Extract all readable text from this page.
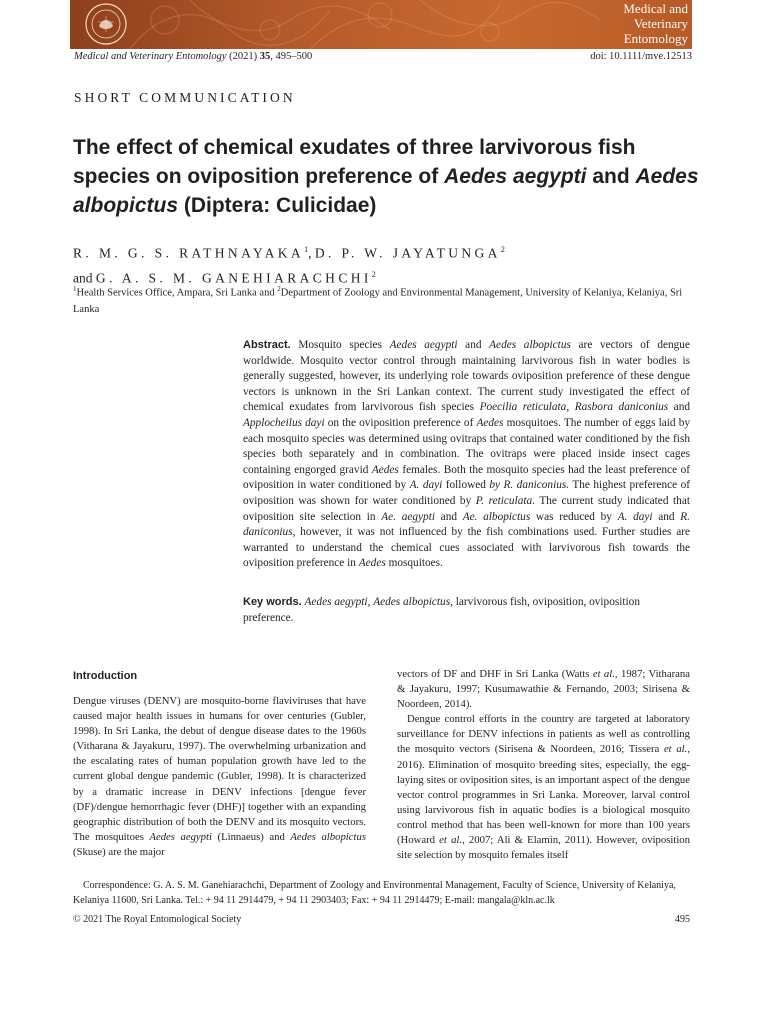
Medical and
Veterinary
Entomology
Medical and Veterinary Entomology (2021) 35, 495–500	doi: 10.1111/mve.12513
SHORT COMMUNICATION
The effect of chemical exudates of three larvivorous fish species on oviposition preference of Aedes aegypti and Aedes albopictus (Diptera: Culicidae)
R. M. G. S. RATHNAYAKA$^1$, D. P. W. JAYATUNGA$^2$
and G. A. S. M. GANEHIARACHCHI$^2$
$^1$Health Services Office, Ampara, Sri Lanka and $^2$Department of Zoology and Environmental Management, University of Kelaniya, Kelaniya, Sri Lanka

Abstract. Mosquito species Aedes aegypti and Aedes albopictus are vectors of dengue worldwide. Mosquito vector control through maintaining larvivorous fish in water bodies is generally suggested, however, its underlying role towards oviposition preference of these dengue vectors is unknown in the Sri Lankan context. The current study investigated the effect of chemical exudates from larvivorous fish species Poecilia reticulata, Rasbora daniconius and Applocheilus dayi on the oviposition preference of Aedes mosquitoes. The number of eggs laid by each mosquito species was determined using ovitraps that contained water conditioned by the fish species both separately and in combination. The ovitraps were placed inside insect cages containing engorged gravid Aedes females. Both the mosquito species had the least preference of oviposition in water conditioned by A. dayi followed by R. daniconius. The highest preference of oviposition was shown for water conditioned by P. reticulata. The current study indicated that oviposition site selection in Ae. aegypti and Ae. albopictus was reduced by A. dayi and R. daniconius, however, it was not influenced by the fish combinations used. Further studies are warranted to understand the chemical cues associated with larvivorous fish towards the oviposition preference in Aedes mosquitoes.

Key words. Aedes aegypti, Aedes albopictus, larvivorous fish, oviposition, oviposition preference.

Introduction

Dengue viruses (DENV) are mosquito-borne flaviviruses that have caused major health issues in humans for over centuries (Gubler, 1998). In Sri Lanka, the debut of dengue disease dates to the 1960s (Vitharana & Jayakuru, 1997). The overwhelming urbanization and the escalating rates of human population growth have led to the current global dengue pandemic (Gubler, 1998). It is characterized by a dramatic increase in DENV infections [dengue fever (DF)/dengue hemorrhagic fever (DHF)] together with an expanding geographic distribution of both the DENV and its mosquito vectors. The mosquitoes Aedes aegypti (Linnaeus) and Aedes albopictus (Skuse) are the major

vectors of DF and DHF in Sri Lanka (Watts et al., 1987; Vitharana & Jayakuru, 1997; Kusumawathie & Fernando, 2003; Sirisena & Noordeen, 2014).

Dengue control efforts in the country are targeted at laboratory surveillance for DENV infections in patients as well as controlling the mosquito vectors (Sirisena & Noordeen, 2016; Tissera et al., 2016). Elimination of mosquito breeding sites, especially, the egg-laying sites or oviposition sites, is an important aspect of the dengue vector control programmes in Sri Lanka. Moreover, larval control using larvivorous fish in aquatic bodies is a biological mosquito control method that has been well-known for more than 100 years (Howard et al., 2007; Ali & Elamin, 2011). However, oviposition site selection by mosquito females itself

Correspondence: G. A. S. M. Ganehiarachchi, Department of Zoology and Environmental Management, Faculty of Science, University of Kelaniya, Kelaniya 11600, Sri Lanka. Tel.: + 94 11 2914479, + 94 11 2903403; Fax: + 94 11 2914479; E-mail: mangala@kln.ac.lk

© 2021 The Royal Entomological Society	495
